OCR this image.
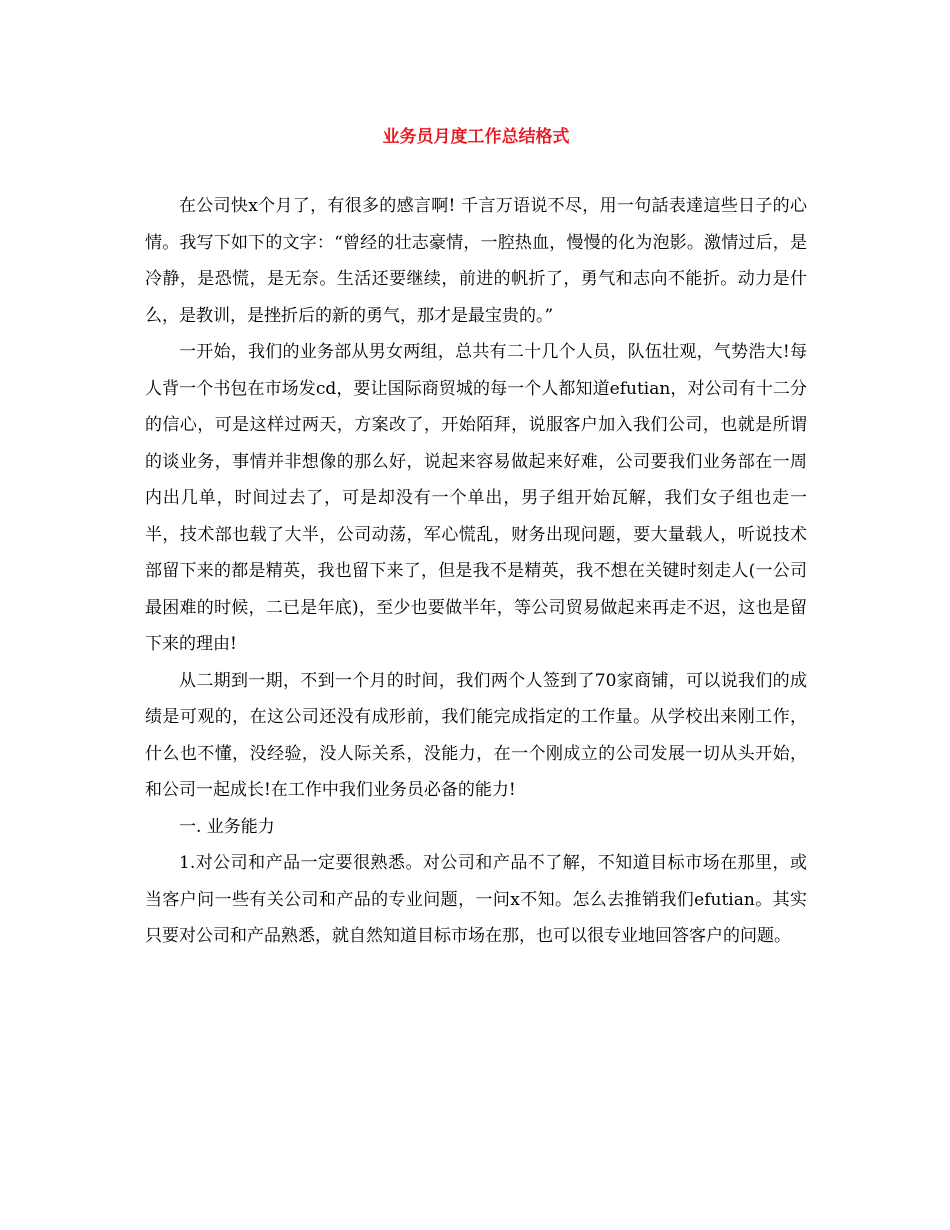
业务员月度工作总结格式

在公司快x个月了，有很多的感言啊! 千言万语说不尽，用一句話表達這些日子的心情。我写下如下的文字：“曾经的壮志豪情，一腔热血，慢慢的化为泡影。激情过后，是冷静，是恐慌，是无奈。生活还要继续，前进的帆折了，勇气和志向不能折。动力是什么，是教训，是挫折后的新的勇气，那才是最宝贵的。”

一开始，我们的业务部从男女两组，总共有二十几个人员，队伍壮观，气势浩大!每人背一个书包在市场发cd，要让国际商贸城的每一个人都知道efutian，对公司有十二分的信心，可是这样过两天，方案改了，开始陌拜，说服客户加入我们公司，也就是所谓的谈业务，事情并非想像的那么好，说起来容易做起来好难，公司要我们业务部在一周内出几单，时间过去了，可是却没有一个单出，男子组开始瓦解，我们女子组也走一半，技术部也载了大半，公司动荡，军心慌乱，财务出现问题，要大量载人，听说技术部留下来的都是精英，我也留下来了，但是我不是精英，我不想在关键时刻走人(一公司最困难的时候，二已是年底)，至少也要做半年，等公司贸易做起来再走不迟，这也是留下来的理由!

从二期到一期，不到一个月的时间，我们两个人签到了70家商铺，可以说我们的成绩是可观的，在这公司还没有成形前，我们能完成指定的工作量。从学校出来刚工作，什么也不懂，没经验，没人际关系，没能力，在一个刚成立的公司发展一切从头开始，和公司一起成长!在工作中我们业务员必备的能力!

一. 业务能力

1.对公司和产品一定要很熟悉。对公司和产品不了解，不知道目标市场在那里，或当客户问一些有关公司和产品的专业问题，一问x不知。怎么去推销我们efutian。其实只要对公司和产品熟悉，就自然知道目标市场在那，也可以很专业地回答客户的问题。
